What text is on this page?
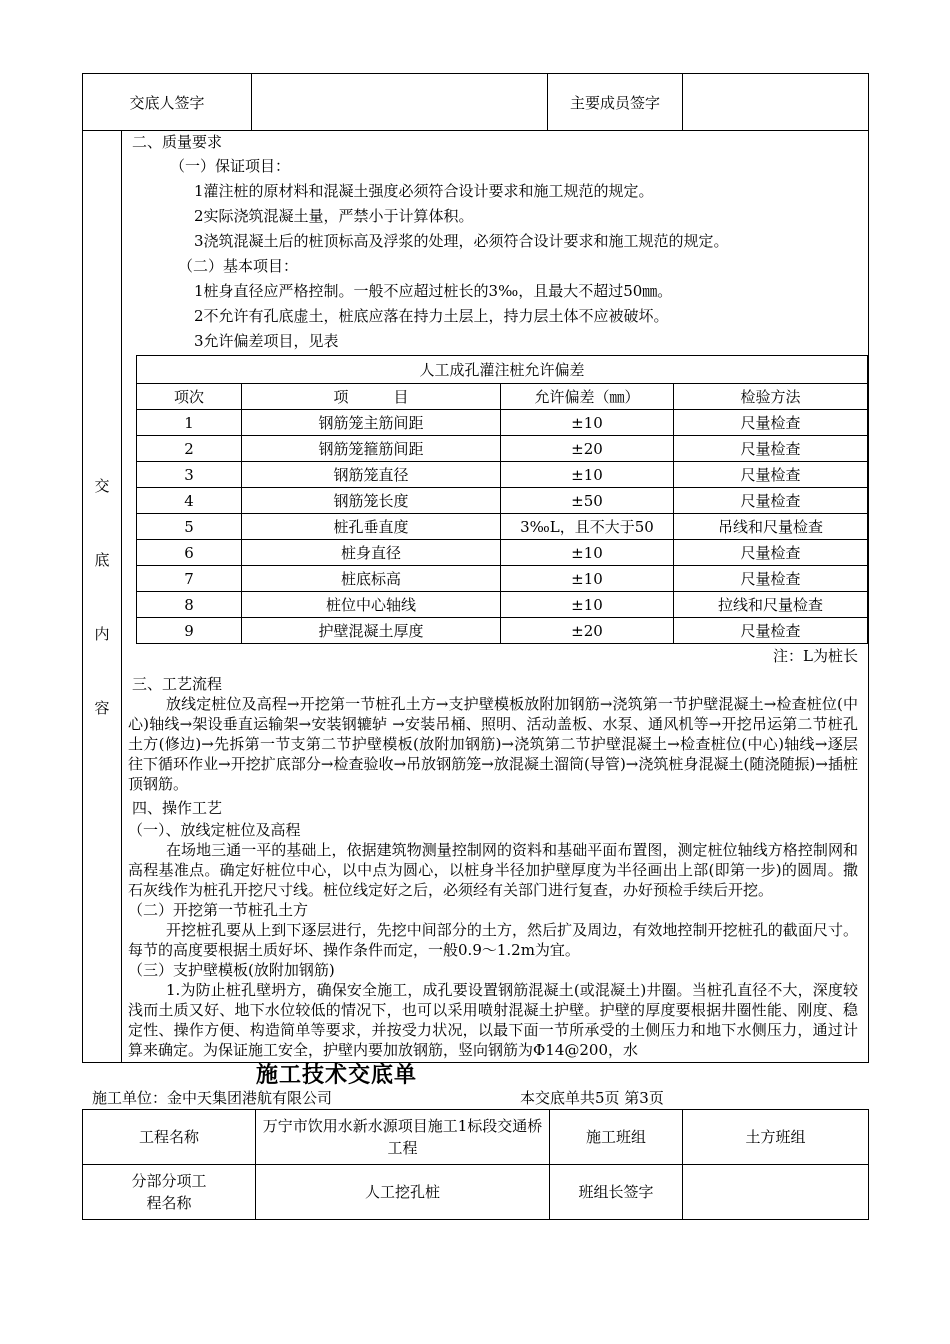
交底人签字		主要成员签字	

交
底
内
容

二、质量要求
（一）保证项目：
1灌注桩的原材料和混凝土强度必须符合设计要求和施工规范的规定。
2实际浇筑混凝土量，严禁小于计算体积。
3浇筑混凝土后的桩顶标高及浮浆的处理，必须符合设计要求和施工规范的规定。
（二）基本项目：
1桩身直径应严格控制。一般不应超过桩长的3‰，且最大不超过50㎜。
2不允许有孔底虚土，桩底应落在持力土层上，持力层土体不应被破坏。
3允许偏差项目，见表
人工成孔灌注桩允许偏差
项次	项　　　目	允许偏差（㎜）	检验方法
1	钢筋笼主筋间距	±10	尺量检查
2	钢筋笼箍筋间距	±20	尺量检查
3	钢筋笼直径	±10	尺量检查
4	钢筋笼长度	±50	尺量检查
5	桩孔垂直度	3‰L，且不大于50	吊线和尺量检查
6	桩身直径	±10	尺量检查
7	桩底标高	±10	尺量检查
8	桩位中心轴线	±10	拉线和尺量检查
9	护壁混凝土厚度	±20	尺量检查
注：L为桩长
三、工艺流程
放线定桩位及高程→开挖第一节桩孔土方→支护壁模板放附加钢筋→浇筑第一节护壁混凝土→检查桩位(中心)轴线→架设垂直运输架→安装钢辘轳 →安装吊桶、照明、活动盖板、水泵、通风机等→开挖吊运第二节桩孔土方(修边)→先拆第一节支第二节护壁模板(放附加钢筋)→浇筑第二节护壁混凝土→检查桩位(中心)轴线→逐层往下循环作业→开挖扩底部分→检查验收→吊放钢筋笼→放混凝土溜筒(导管)→浇筑桩身混凝土(随浇随振)→插桩顶钢筋。
四、操作工艺
（一）、放线定桩位及高程
在场地三通一平的基础上，依据建筑物测量控制网的资料和基础平面布置图，测定桩位轴线方格控制网和高程基准点。确定好桩位中心，以中点为圆心，以桩身半径加护壁厚度为半径画出上部(即第一步)的圆周。撒石灰线作为桩孔开挖尺寸线。桩位线定好之后，必须经有关部门进行复查，办好预检手续后开挖。
（二）开挖第一节桩孔土方
开挖桩孔要从上到下逐层进行，先挖中间部分的土方，然后扩及周边，有效地控制开挖桩孔的截面尺寸。每节的高度要根据土质好坏、操作条件而定，一般0.9～1.2m为宜。
（三）支护壁模板(放附加钢筋)
1.为防止桩孔壁坍方，确保安全施工，成孔要设置钢筋混凝土(或混凝土)井圈。当桩孔直径不大，深度较浅而土质又好、地下水位较低的情况下，也可以采用喷射混凝土护壁。护壁的厚度要根据井圈性能、刚度、稳定性、操作方便、构造简单等要求，并按受力状况，以最下面一节所承受的土侧压力和地下水侧压力，通过计算来确定。为保证施工安全，护壁内要加放钢筋，竖向钢筋为Φ14@200，水
施工技术交底单
施工单位：金中天集团港航有限公司	本交底单共5页 第3页
工程名称	万宁市饮用水新水源项目施工1标段交通桥工程	施工班组	土方班组

分部分项工程名称	人工挖孔桩	班组长签字	
